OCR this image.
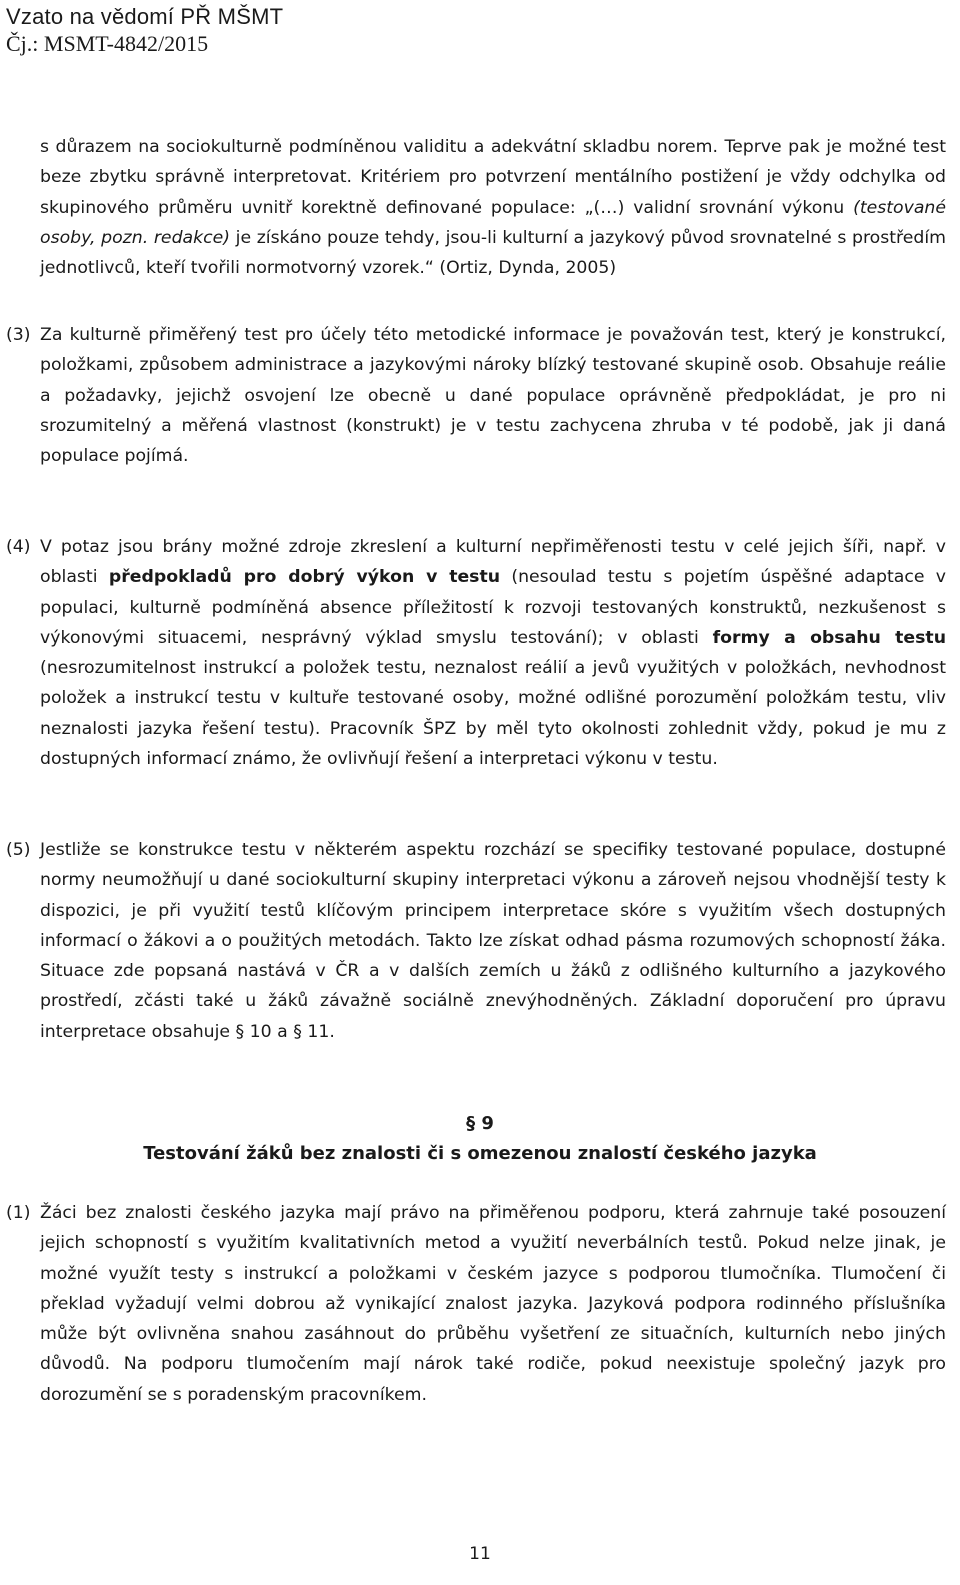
Vzato na vědomí PŘ MŠMT
Čj.: MSMT-4842/2015
s důrazem na sociokulturně podmíněnou validitu a adekvátní skladbu norem. Teprve pak je možné test beze zbytku správně interpretovat. Kritériem pro potvrzení mentálního postižení je vždy odchylka od skupinového průměru uvnitř korektně definované populace: „(…) validní srovnání výkonu (testované osoby, pozn. redakce) je získáno pouze tehdy, jsou-li kulturní a jazykový původ srovnatelné s prostředím jednotlivců, kteří tvořili normotvorný vzorek.“ (Ortiz, Dynda, 2005)
(3) Za kulturně přiměřený test pro účely této metodické informace je považován test, který je konstrukcí, položkami, způsobem administrace a jazykovými nároky blízký testované skupině osob. Obsahuje reálie a požadavky, jejichž osvojení lze obecně u dané populace oprávněně předpokládat, je pro ni srozumitelný a měřená vlastnost (konstrukt) je v testu zachycena zhruba v té podobě, jak ji daná populace pojímá.
(4) V potaz jsou brány možné zdroje zkreslení a kulturní nepřiměřenosti testu v celé jejich šíři, např. v oblasti předpokladů pro dobrý výkon v testu (nesoulad testu s pojetím úspěšné adaptace v populaci, kulturně podmíněná absence příležitostí k rozvoji testovaných konstruktů, nezkušenost s výkonovými situacemi, nesprávný výklad smyslu testování); v oblasti formy a obsahu testu (nesrozumitelnost instrukcí a položek testu, neznalost reálií a jevů využitých v položkách, nevhodnost položek a instrukcí testu v kultuře testované osoby, možné odlišné porozumění položkám testu, vliv neznalosti jazyka řešení testu). Pracovník ŠPZ by měl tyto okolnosti zohlednit vždy, pokud je mu z dostupných informací známo, že ovlivňují řešení a interpretaci výkonu v testu.
(5) Jestliže se konstrukce testu v některém aspektu rozchází se specifiky testované populace, dostupné normy neumožňují u dané sociokulturní skupiny interpretaci výkonu a zároveň nejsou vhodnější testy k dispozici, je při využití testů klíčovým principem interpretace skóre s využitím všech dostupných informací o žákovi a o použitých metodách. Takto lze získat odhad pásma rozumových schopností žáka. Situace zde popsaná nastává v ČR a v dalších zemích u žáků z odlišného kulturního a jazykového prostředí, zčásti také u žáků závažně sociálně znevýhodněných. Základní doporučení pro úpravu interpretace obsahuje § 10 a § 11.
§ 9
Testování žáků bez znalosti či s omezenou znalostí českého jazyka
(1) Žáci bez znalosti českého jazyka mají právo na přiměřenou podporu, která zahrnuje také posouzení jejich schopností s využitím kvalitativních metod a využití neverbálních testů. Pokud nelze jinak, je možné využít testy s instrukcí a položkami v českém jazyce s podporou tlumočníka. Tlumočení či překlad vyžadují velmi dobrou až vynikající znalost jazyka. Jazyková podpora rodinného příslušníka může být ovlivněna snahou zasáhnout do průběhu vyšetření ze situačních, kulturních nebo jiných důvodů. Na podporu tlumočením mají nárok také rodiče, pokud neexistuje společný jazyk pro dorozumění se s poradenským pracovníkem.
11
